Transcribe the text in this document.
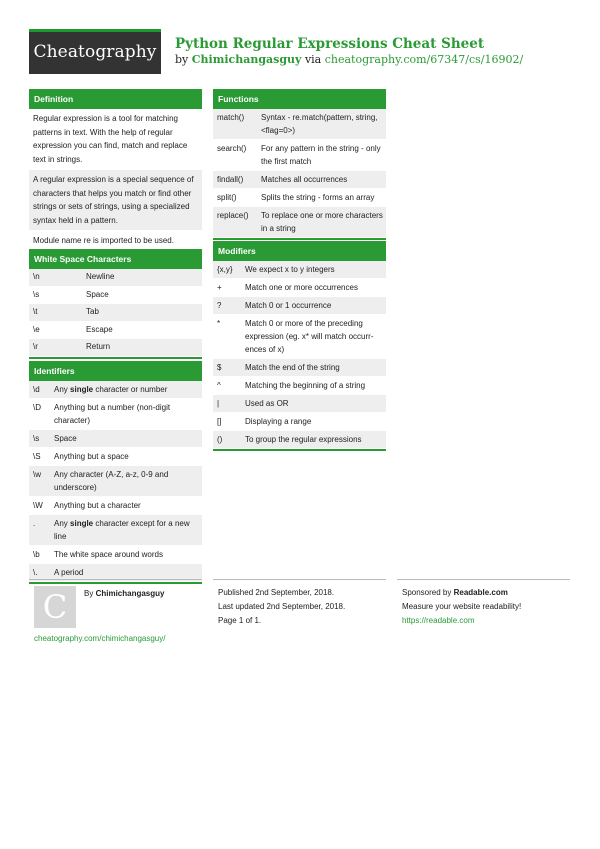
Cheatography	Python Regular Expressions Cheat Sheet
by Chimichangasguy via cheatography.com/67347/cs/16902/
Definition
Regular expression is a tool for matching patterns in text. With the help of regular expression you can find, match and replace text in strings.
A regular expression is a special sequence of characters that helps you match or find other strings or sets of strings, using a specialized syntax held in a pattern.
Module name re is imported to be used.
White Space Characters
\n	Newline
\s	Space
\t	Tab
\e	Escape
\r	Return
Identifiers
\d	Any single character or number
\D	Anything but a number (non-digit character)
\s	Space
\S	Anything but a space
\w	Any character (A-Z, a-z, 0-9 and underscore)
\W	Anything but a character
.	Any single character except for a new line
\b	The white space around words
\.	A period
Functions
match()	Syntax - re.match(pattern, string, <flag=0>)
search()	For any pattern in the string - only the first match
findall()	Matches all occurrences
split()	Splits the string - forms an array
replace()	To replace one or more characters in a string
Modifiers
{x,y}	We expect x to y integers
+	Match one or more occurrences
?	Match 0 or 1 occurrence
*	Match 0 or more of the preceding expression (eg. x* will match occurr-ences of x)
$	Match the end of the string
^	Matching the beginning of a string
|	Used as OR
[]	Displaying a range
()	To group the regular expressions
C	By Chimichangasguy
cheatography.com/chimichangasguy/
Published 2nd September, 2018.
Last updated 2nd September, 2018.
Page 1 of 1.
Sponsored by Readable.com
Measure your website readability!
https://readable.com
